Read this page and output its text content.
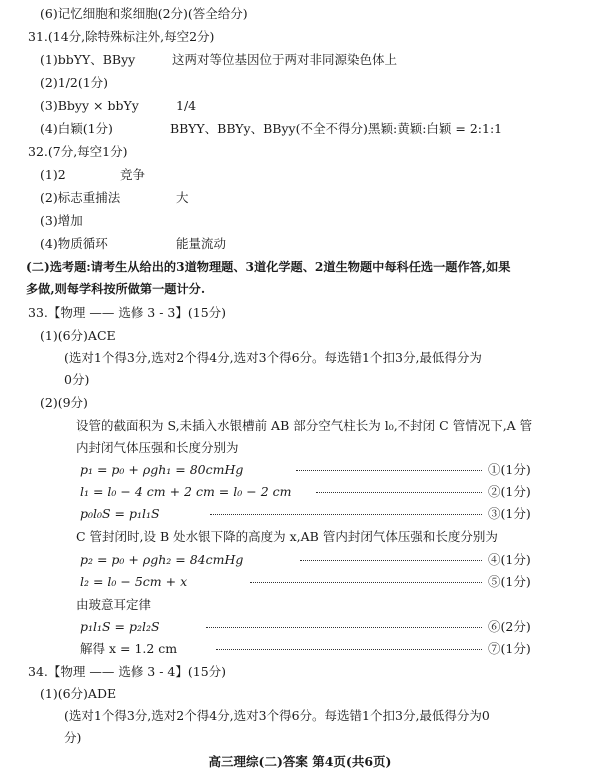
(6)记忆细胞和浆细胞(2分)(答全给分)
31.(14分,除特殊标注外,每空2分)
(1)bbYY、BByy	这两对等位基因位于两对非同源染色体上
(2)1/2(1分)
(3)Bbyy × bbYy	1/4
(4)白颖(1分)	BBYY、BBYy、BByy(不全不得分) 黑颖:黄颖:白颖 = 2:1:1
32.(7分,每空1分)
(1)2	竞争
(2)标志重捕法	大
(3)增加
(4)物质循环	能量流动
(二)选考题:请考生从给出的3道物理题、3道化学题、2道生物题中每科任选一题作答,如果
多做,则每学科按所做第一题计分.
33.【物理 —— 选修 3 - 3】(15分)
(1)(6分)ACE
(选对1个得3分,选对2个得4分,选对3个得6分。每选错1个扣3分,最低得分为
0分)
(2)(9分)
设管的截面积为 S,未插入水银槽前 AB 部分空气柱长为 l₀,不封闭 C 管情况下,A 管
内封闭气体压强和长度分别为
p₁ = p₀ + ρgh₁ = 80cmHg	①(1分)
l₁ = l₀ − 4 cm + 2 cm = l₀ − 2 cm	②(1分)
p₀l₀S = p₁l₁S	③(1分)
C 管封闭时,设 B 处水银下降的高度为 x,AB 管内封闭气体压强和长度分别为
p₂ = p₀ + ρgh₂ = 84cmHg	④(1分)
l₂ = l₀ − 5cm + x	⑤(1分)
由玻意耳定律
p₁l₁S = p₂l₂S	⑥(2分)
解得 x = 1.2 cm	⑦(1分)
34.【物理 —— 选修 3 - 4】(15分)
(1)(6分)ADE
(选对1个得3分,选对2个得4分,选对3个得6分。每选错1个扣3分,最低得分为0
分)
高三理综(二)答案 第4页(共6页)
